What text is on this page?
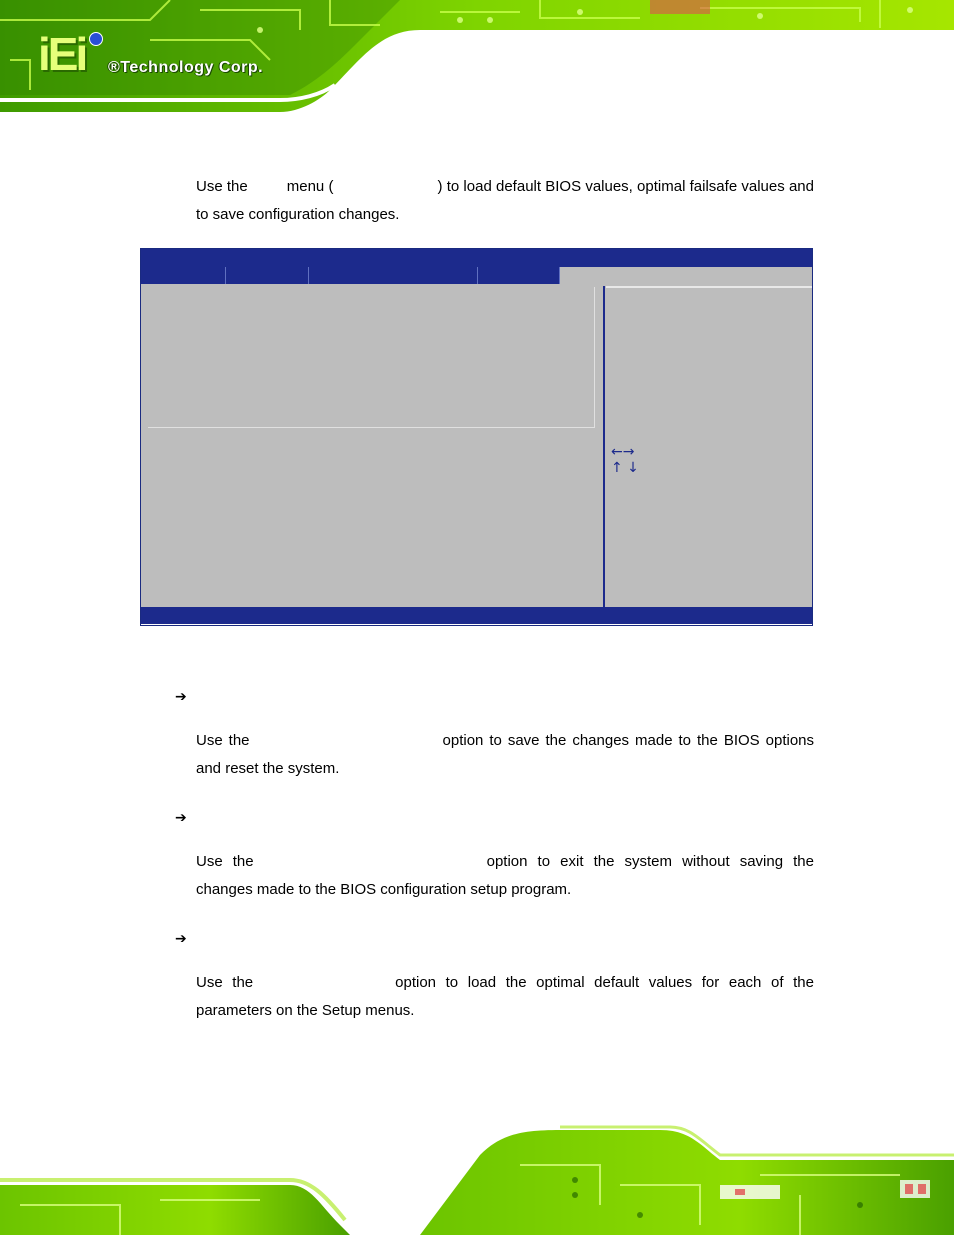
iEi ®Technology Corp.
Use the	menu (	) to load default BIOS values, optimal failsafe values and to save configuration changes.
←→
↑ ↓
➔
Use the	option to save the changes made to the BIOS options and reset the system.
➔
Use the	option to exit the system without saving the changes made to the BIOS configuration setup program.
➔
Use the	option to load the optimal default values for each of the parameters on the Setup menus.
